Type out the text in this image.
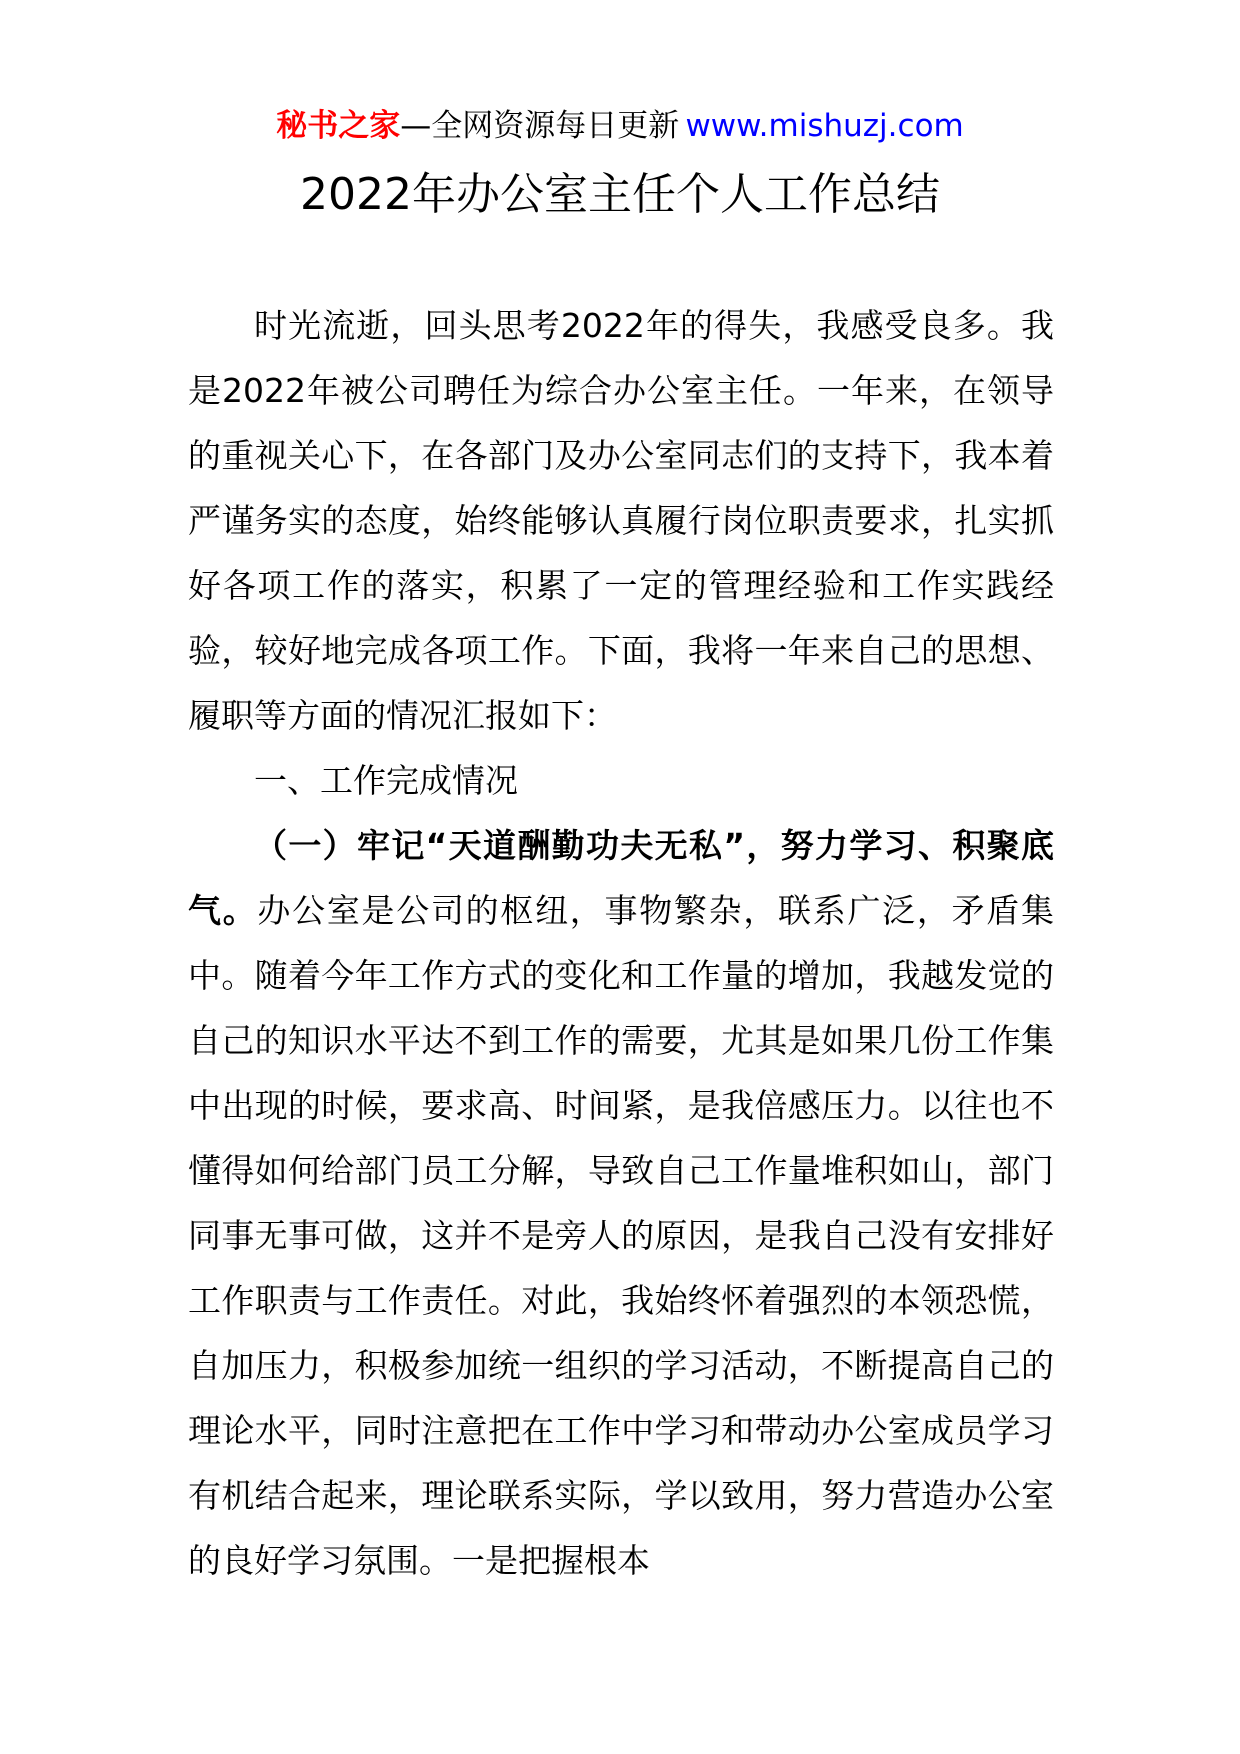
秘书之家—全网资源每日更新  www.mishuzj.com
2022年办公室主任个人工作总结

时光流逝，回头思考2022年的得失，我感受良多。我是2022年被公司聘任为综合办公室主任。一年来，在领导的重视关心下，在各部门及办公室同志们的支持下，我本着严谨务实的态度，始终能够认真履行岗位职责要求，扎实抓好各项工作的落实，积累了一定的管理经验和工作实践经验，较好地完成各项工作。下面，我将一年来自己的思想、履职等方面的情况汇报如下：

一、工作完成情况

（一）牢记“天道酬勤功夫无私”，努力学习、积聚底气。办公室是公司的枢纽，事物繁杂，联系广泛，矛盾集中。随着今年工作方式的变化和工作量的增加，我越发觉的自己的知识水平达不到工作的需要，尤其是如果几份工作集中出现的时候，要求高、时间紧，是我倍感压力。以往也不懂得如何给部门员工分解，导致自己工作量堆积如山，部门同事无事可做，这并不是旁人的原因，是我自己没有安排好工作职责与工作责任。对此，我始终怀着强烈的本领恐慌，自加压力，积极参加统一组织的学习活动，不断提高自己的理论水平，同时注意把在工作中学习和带动办公室成员学习有机结合起来，理论联系实际，学以致用，努力营造办公室的良好学习氛围。一是把握根本
